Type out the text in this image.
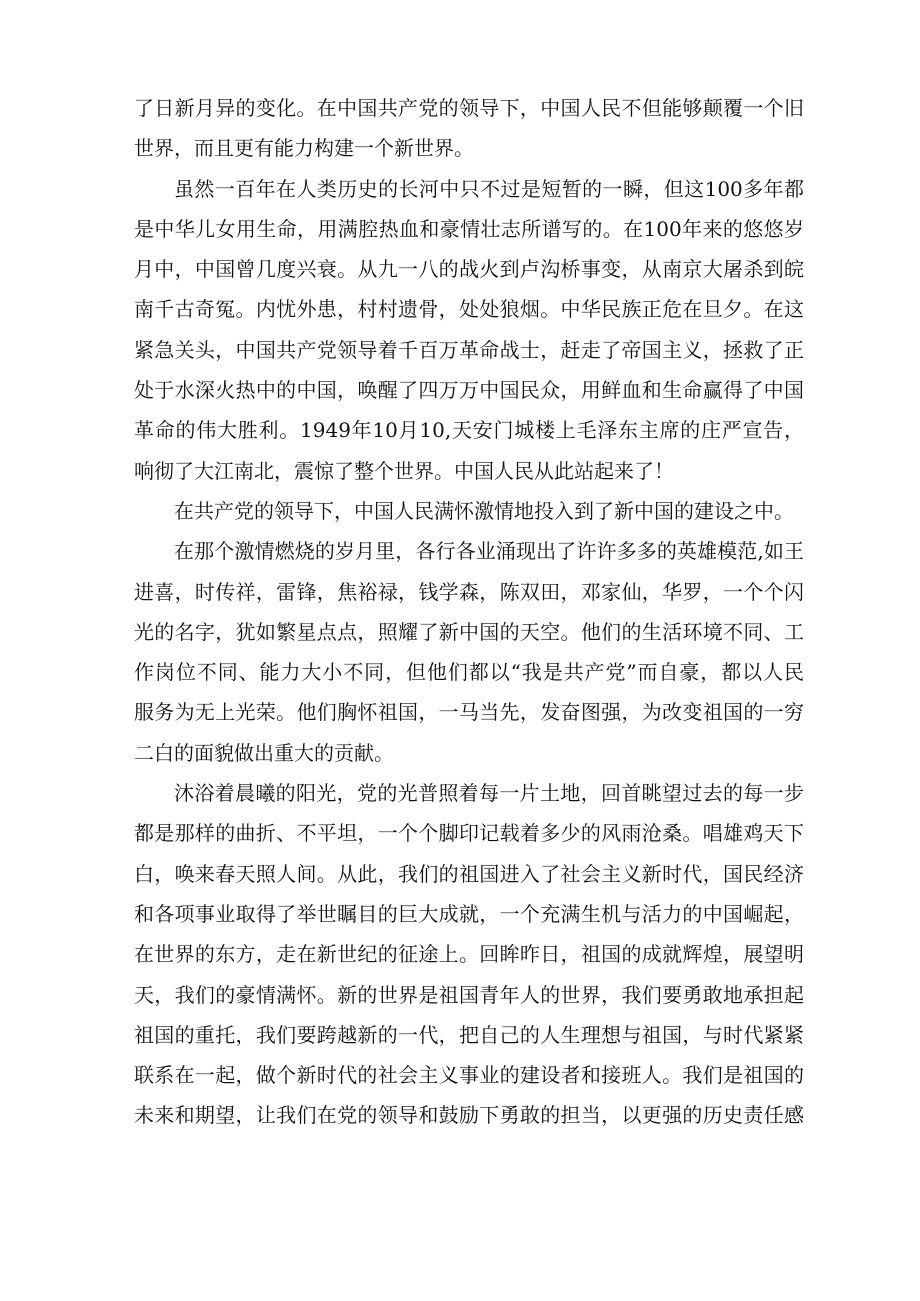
了日新月异的变化。在中国共产党的领导下，中国人民不但能够颠覆一个旧
世界，而且更有能力构建一个新世界。
虽然一百年在人类历史的长河中只不过是短暂的一瞬，但这100多年都
是中华儿女用生命，用满腔热血和豪情壮志所谱写的。在100年来的悠悠岁
月中，中国曾几度兴衰。从九一八的战火到卢沟桥事变，从南京大屠杀到皖
南千古奇冤。内忧外患，村村遗骨，处处狼烟。中华民族正危在旦夕。在这
紧急关头，中国共产党领导着千百万革命战士，赶走了帝国主义，拯救了正
处于水深火热中的中国，唤醒了四万万中国民众，用鲜血和生命赢得了中国
革命的伟大胜利。1949年10月10,天安门城楼上毛泽东主席的庄严宣告，
响彻了大江南北，震惊了整个世界。中国人民从此站起来了！
在共产党的领导下，中国人民满怀激情地投入到了新中国的建设之中。
在那个激情燃烧的岁月里，各行各业涌现出了许许多多的英雄模范,如王
进喜，时传祥，雷锋，焦裕禄，钱学森，陈双田，邓家仙，华罗，一个个闪
光的名字，犹如繁星点点，照耀了新中国的天空。他们的生活环境不同、工
作岗位不同、能力大小不同，但他们都以“我是共产党”而自豪，都以人民
服务为无上光荣。他们胸怀祖国，一马当先，发奋图强，为改变祖国的一穷
二白的面貌做出重大的贡献。
沐浴着晨曦的阳光，党的光普照着每一片土地，回首眺望过去的每一步
都是那样的曲折、不平坦，一个个脚印记载着多少的风雨沧桑。唱雄鸡天下
白，唤来春天照人间。从此，我们的祖国进入了社会主义新时代，国民经济
和各项事业取得了举世瞩目的巨大成就，一个充满生机与活力的中国崛起，
在世界的东方，走在新世纪的征途上。回眸昨日，祖国的成就辉煌，展望明
天，我们的豪情满怀。新的世界是祖国青年人的世界，我们要勇敢地承担起
祖国的重托，我们要跨越新的一代，把自己的人生理想与祖国，与时代紧紧
联系在一起，做个新时代的社会主义事业的建设者和接班人。我们是祖国的
未来和期望，让我们在党的领导和鼓励下勇敢的担当，以更强的历史责任感
